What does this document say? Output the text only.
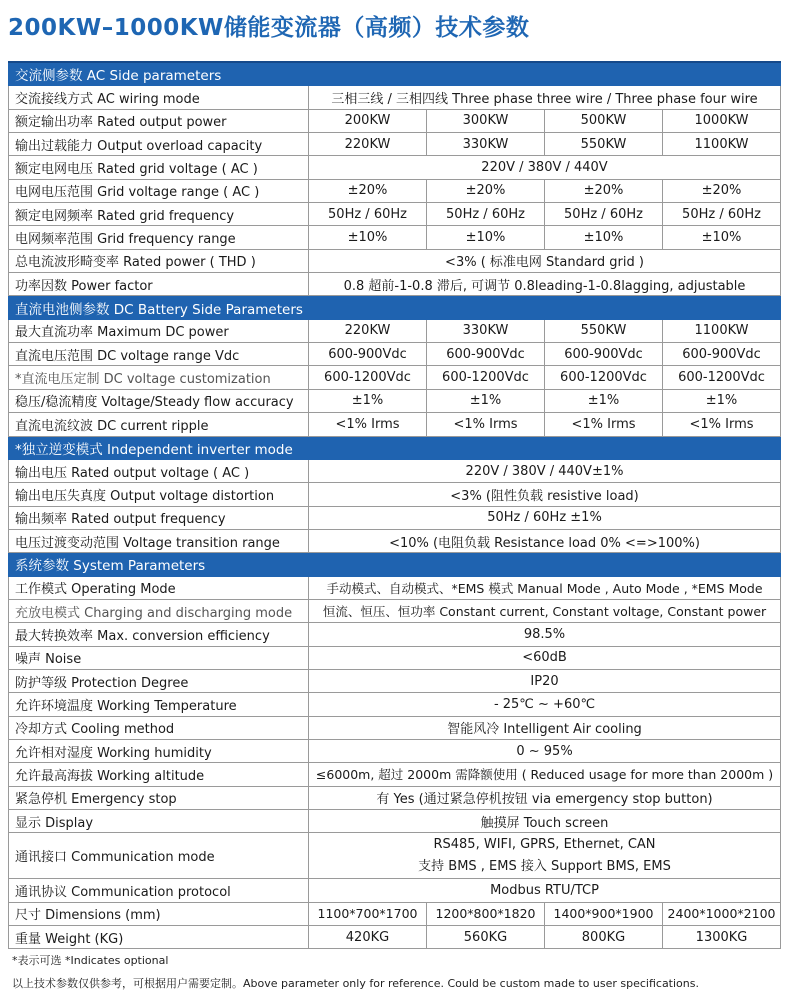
200KW–1000KW储能变流器（高频）技术参数
交流侧参数 AC Side parameters				
交流接线方式 AC wiring mode	三相三线 / 三相四线 Three phase three wire / Three phase four wire			
额定输出功率 Rated output power	200KW	300KW	500KW	1000KW
输出过载能力 Output overload capacity	220KW	330KW	550KW	1100KW
额定电网电压 Rated grid voltage ( AC )	220V / 380V / 440V			
电网电压范围 Grid voltage range ( AC )	±20%	±20%	±20%	±20%
额定电网频率 Rated grid frequency	50Hz / 60Hz	50Hz / 60Hz	50Hz / 60Hz	50Hz / 60Hz
电网频率范围 Grid frequency range	±10%	±10%	±10%	±10%
总电流波形畸变率 Rated power ( THD )	<3% ( 标准电网 Standard grid )			
功率因数 Power factor	0.8 超前-1-0.8 滞后, 可调节 0.8leading-1-0.8lagging, adjustable			
直流电池侧参数 DC Battery Side Parameters				
最大直流功率 Maximum DC power	220KW	330KW	550KW	1100KW
直流电压范围 DC voltage range Vdc	600-900Vdc	600-900Vdc	600-900Vdc	600-900Vdc
*直流电压定制 DC voltage customization	600-1200Vdc	600-1200Vdc	600-1200Vdc	600-1200Vdc
稳压/稳流精度 Voltage/Steady flow accuracy	±1%	±1%	±1%	±1%
直流电流纹波 DC current ripple	<1% Irms	<1% Irms	<1% Irms	<1% Irms
*独立逆变模式 Independent inverter mode				
输出电压 Rated output voltage ( AC )	220V / 380V / 440V±1%			
输出电压失真度 Output voltage distortion	<3% (阻性负载 resistive load)			
输出频率 Rated output frequency	50Hz / 60Hz ±1%			
电压过渡变动范围 Voltage transition range	<10% (电阻负载 Resistance load 0% <=>100%)			
系统参数 System Parameters				
工作模式 Operating Mode	手动模式、自动模式、*EMS 模式 Manual Mode , Auto Mode , *EMS Mode			
充放电模式 Charging and discharging mode	恒流、恒压、恒功率 Constant current, Constant voltage, Constant power			
最大转换效率 Max. conversion efficiency	98.5%			
噪声 Noise	<60dB			
防护等级 Protection Degree	IP20			
允许环境温度 Working Temperature	- 25℃ ~ +60℃			
冷却方式 Cooling method	智能风冷 Intelligent Air cooling			
允许相对湿度 Working humidity	0 ~ 95%			
允许最高海拔 Working altitude	≤6000m, 超过 2000m 需降额使用 ( Reduced usage for more than 2000m )			
紧急停机 Emergency stop	有 Yes (通过紧急停机按钮 via emergency stop button)			
显示 Display	触摸屏 Touch screen			
通讯接口 Communication mode	RS485, WIFI, GPRS, Ethernet, CAN
支持 BMS , EMS 接入 Support BMS, EMS			

通讯协议 Communication protocol	Modbus RTU/TCP			
尺寸 Dimensions (mm)	1100*700*1700	1200*800*1820	1400*900*1900	2400*1000*2100
重量 Weight (KG)	420KG	560KG	800KG	1300KG
*表示可选 *Indicates optional
以上技术参数仅供参考，可根据用户需要定制。Above parameter only for reference. Could be custom made to user specifications.
